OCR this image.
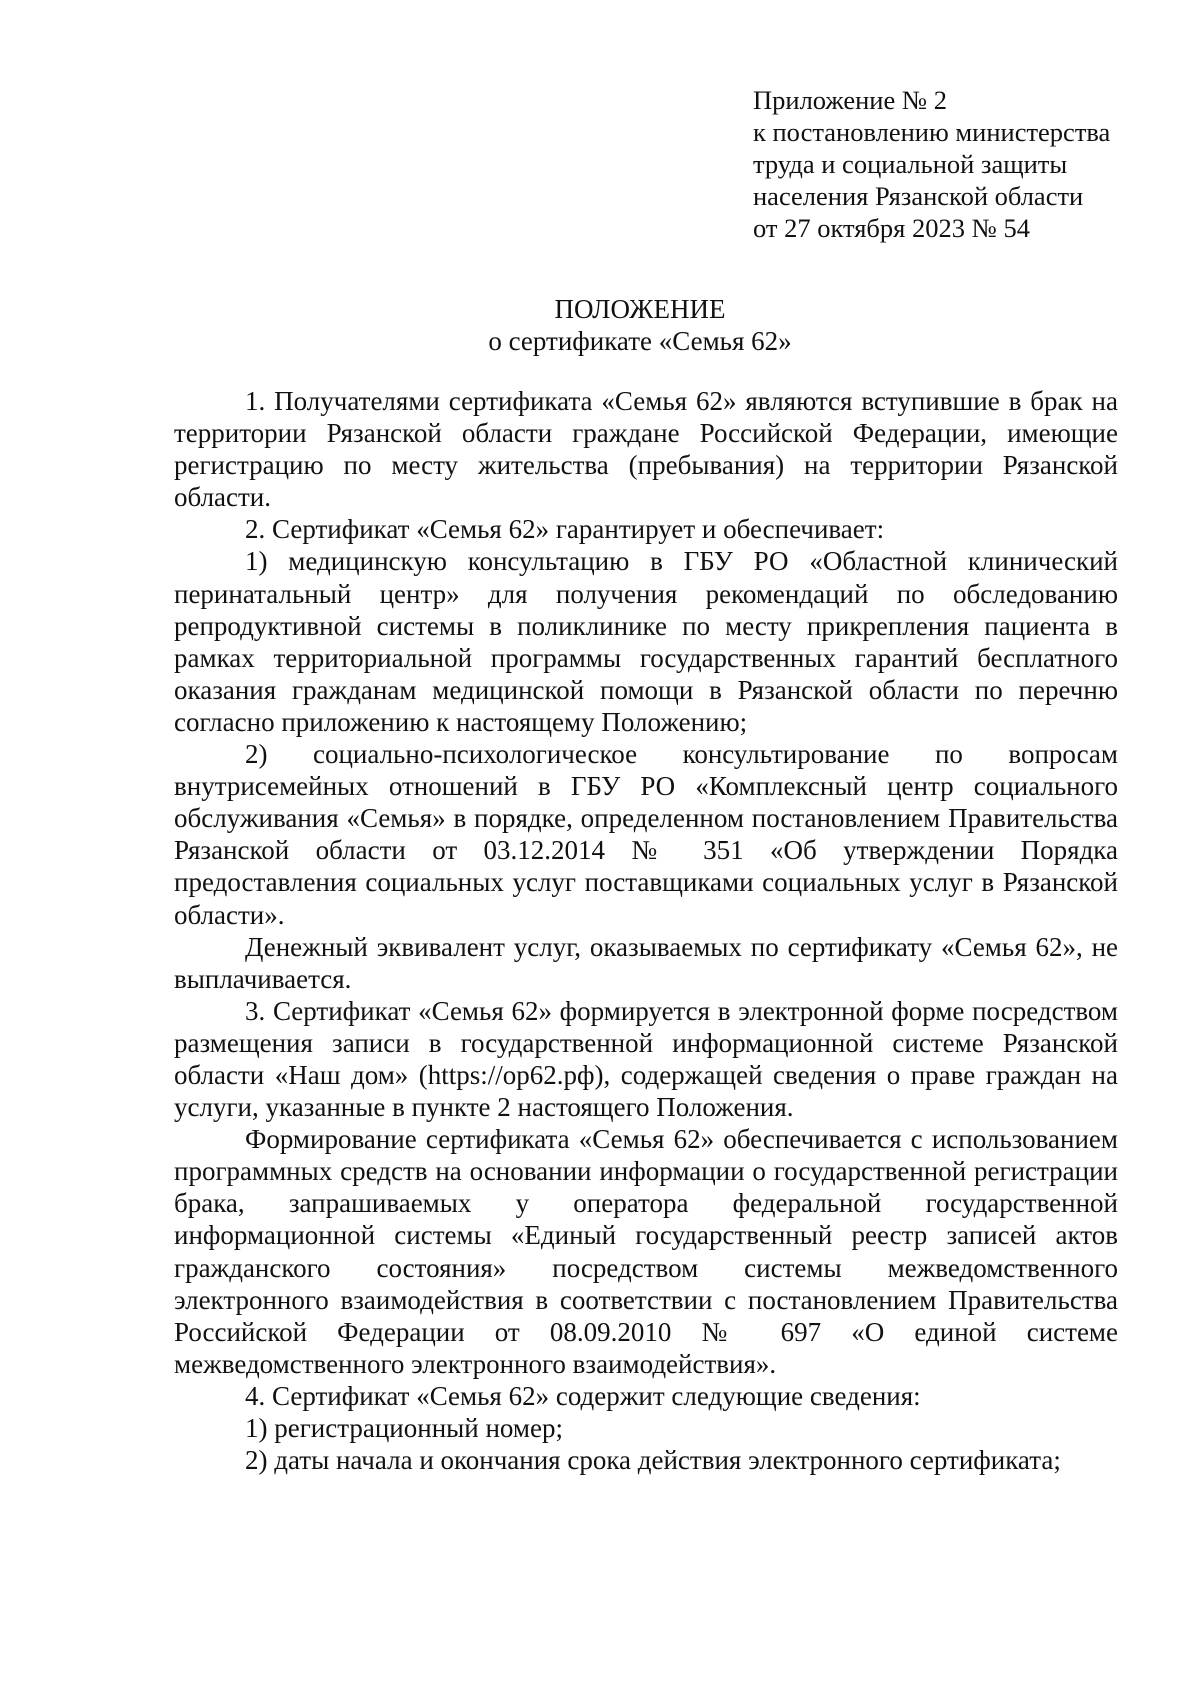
Приложение № 2
к постановлению министерства
труда и социальной защиты
населения Рязанской области
от 27 октября 2023 № 54
ПОЛОЖЕНИЕ
о сертификате «Семья 62»

1. Получателями сертификата «Семья 62» являются вступившие в брак на территории Рязанской области граждане Российской Федерации, имеющие регистрацию по месту жительства (пребывания) на территории Рязанской области.

2. Сертификат «Семья 62» гарантирует и обеспечивает:

1) медицинскую консультацию в ГБУ РО «Областной клинический перинатальный центр» для получения рекомендаций по обследованию репродуктивной системы в поликлинике по месту прикрепления пациента в рамках территориальной программы государственных гарантий бесплатного оказания гражданам медицинской помощи в Рязанской области по перечню согласно приложению к настоящему Положению;

2) социально-психологическое консультирование по вопросам внутрисемейных отношений в ГБУ РО «Комплексный центр социального обслуживания «Семья» в порядке, определенном постановлением Правительства Рязанской области от 03.12.2014 № 351 «Об утверждении Порядка предоставления социальных услуг поставщиками социальных услуг в Рязанской области».

Денежный эквивалент услуг, оказываемых по сертификату «Семья 62», не выплачивается.

3. Сертификат «Семья 62» формируется в электронной форме посредством размещения записи в государственной информационной системе Рязанской области «Наш дом» (https://ор62.рф), содержащей сведения о праве граждан на услуги, указанные в пункте 2 настоящего Положения.

Формирование сертификата «Семья 62» обеспечивается с использованием программных средств на основании информации о государственной регистрации брака, запрашиваемых у оператора федеральной государственной информационной системы «Единый государственный реестр записей актов гражданского состояния» посредством системы межведомственного электронного взаимодействия в соответствии с постановлением Правительства Российской Федерации от 08.09.2010 № 697 «О единой системе межведомственного электронного взаимодействия».

4. Сертификат «Семья 62» содержит следующие сведения:

1) регистрационный номер;

2) даты начала и окончания срока действия электронного сертификата;
